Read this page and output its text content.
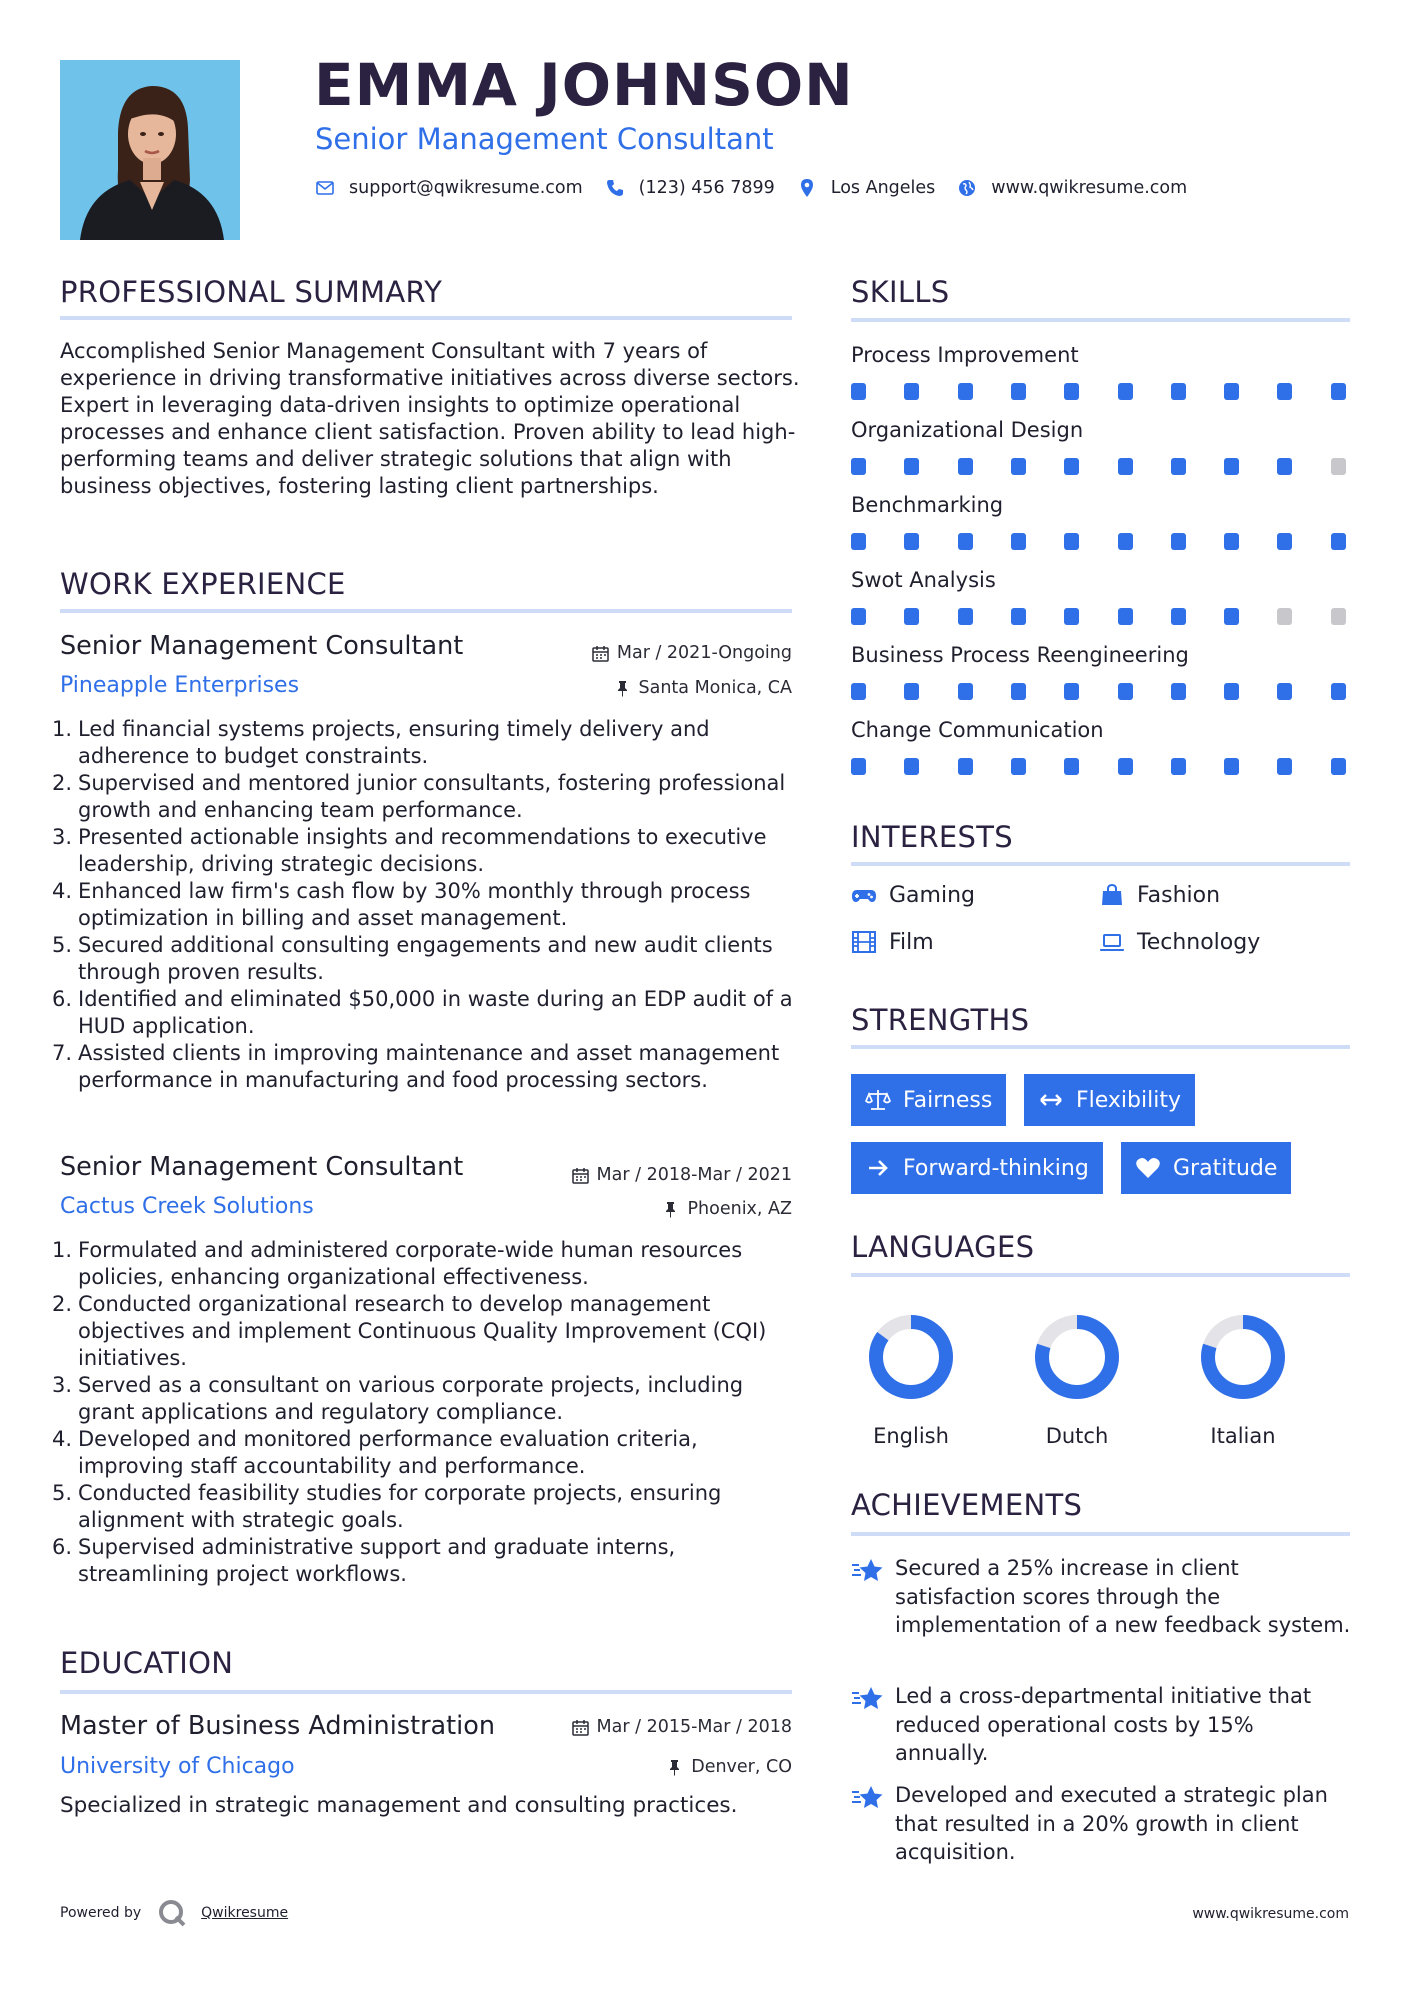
EMMA JOHNSON
Senior Management Consultant
support@qwikresume.com	(123) 456 7899	Los Angeles	www.qwikresume.com
PROFESSIONAL SUMMARY
Accomplished Senior Management Consultant with 7 years of experience in driving transformative initiatives across diverse sectors. Expert in leveraging data-driven insights to optimize operational processes and enhance client satisfaction. Proven ability to lead high-performing teams and deliver strategic solutions that align with business objectives, fostering lasting client partnerships.
WORK EXPERIENCE
Senior Management Consultant	Mar / 2021-Ongoing
Pineapple Enterprises	Santa Monica, CA
1. Led financial systems projects, ensuring timely delivery and adherence to budget constraints.
2. Supervised and mentored junior consultants, fostering professional growth and enhancing team performance.
3. Presented actionable insights and recommendations to executive leadership, driving strategic decisions.
4. Enhanced law firm's cash flow by 30% monthly through process optimization in billing and asset management.
5. Secured additional consulting engagements and new audit clients through proven results.
6. Identified and eliminated $50,000 in waste during an EDP audit of a HUD application.
7. Assisted clients in improving maintenance and asset management performance in manufacturing and food processing sectors.
Senior Management Consultant	Mar / 2018-Mar / 2021
Cactus Creek Solutions	Phoenix, AZ
1. Formulated and administered corporate-wide human resources policies, enhancing organizational effectiveness.
2. Conducted organizational research to develop management objectives and implement Continuous Quality Improvement (CQI) initiatives.
3. Served as a consultant on various corporate projects, including grant applications and regulatory compliance.
4. Developed and monitored performance evaluation criteria, improving staff accountability and performance.
5. Conducted feasibility studies for corporate projects, ensuring alignment with strategic goals.
6. Supervised administrative support and graduate interns, streamlining project workflows.
EDUCATION
Master of Business Administration	Mar / 2015-Mar / 2018
University of Chicago	Denver, CO
Specialized in strategic management and consulting practices.
SKILLS
Process Improvement
Organizational Design
Benchmarking
Swot Analysis
Business Process Reengineering
Change Communication
INTERESTS
Gaming	Fashion
Film	Technology
STRENGTHS
Fairness	Flexibility
Forward-thinking	Gratitude
LANGUAGES
English	Dutch	Italian
ACHIEVEMENTS
Secured a 25% increase in client satisfaction scores through the implementation of a new feedback system.
Led a cross-departmental initiative that reduced operational costs by 15% annually.
Developed and executed a strategic plan that resulted in a 20% growth in client acquisition.
Powered by	Qwikresume	www.qwikresume.com
